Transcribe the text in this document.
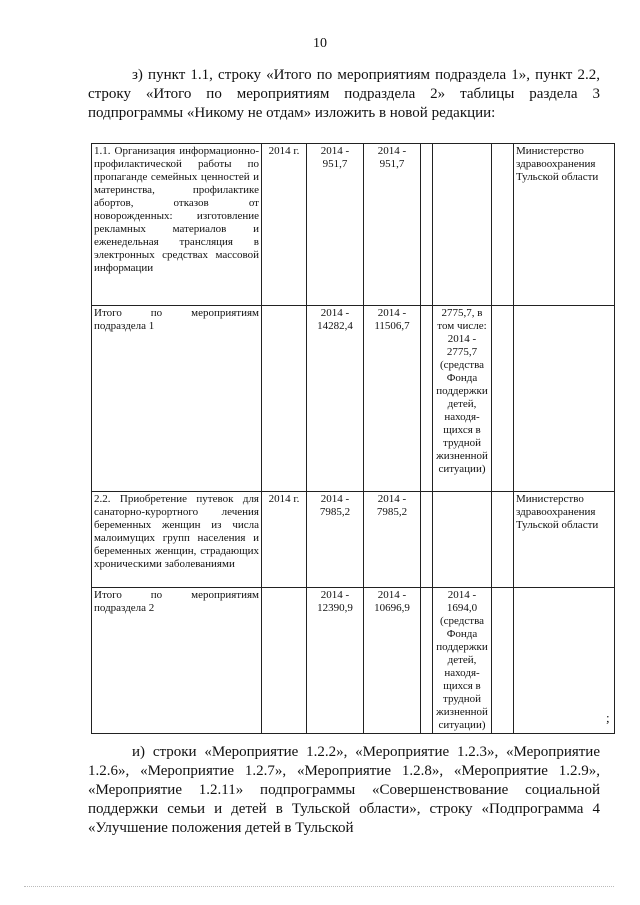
10
з) пункт 1.1, строку «Итого по мероприятиям подраздела 1», пункт 2.2, строку «Итого по мероприятиям подраздела 2» таблицы раздела 3 подпрограммы «Никому не отдам» изложить в новой редакции:
1.1. Организация информационно-профилактической работы по пропаганде семейных ценностей и материнства, профилактике абортов, отказов от новорожденных: изготовление рекламных материалов и еженедельная трансляция в электронных средствах массовой информации	2014 г.	2014 - 951,7	2014 - 951,7				Министерство здравоохранения Тульской области
Итого по мероприятиям подраздела 1		2014 - 14282,4	2014 - 11506,7		2775,7, в том числе: 2014 - 2775,7 (средства Фонда поддержки детей, находя-щихся в трудной жизненной ситуации)		
2.2. Приобретение путевок для санаторно-курортного лечения беременных женщин из числа малоимущих групп населения и беременных женщин, страдающих хроническими заболеваниями	2014 г.	2014 - 7985,2	2014 - 7985,2				Министерство здравоохранения Тульской области
Итого по мероприятиям подраздела 2		2014 - 12390,9	2014 - 10696,9		2014 - 1694,0 (средства Фонда поддержки детей, находя-щихся в трудной жизненной ситуации)			;
и) строки «Мероприятие 1.2.2», «Мероприятие 1.2.3», «Мероприятие 1.2.6», «Мероприятие 1.2.7», «Мероприятие 1.2.8», «Мероприятие 1.2.9», «Мероприятие 1.2.11» подпрограммы «Совершенствование социальной поддержки семьи и детей в Тульской области», строку «Подпрограмма 4 «Улучшение положения детей в Тульской
